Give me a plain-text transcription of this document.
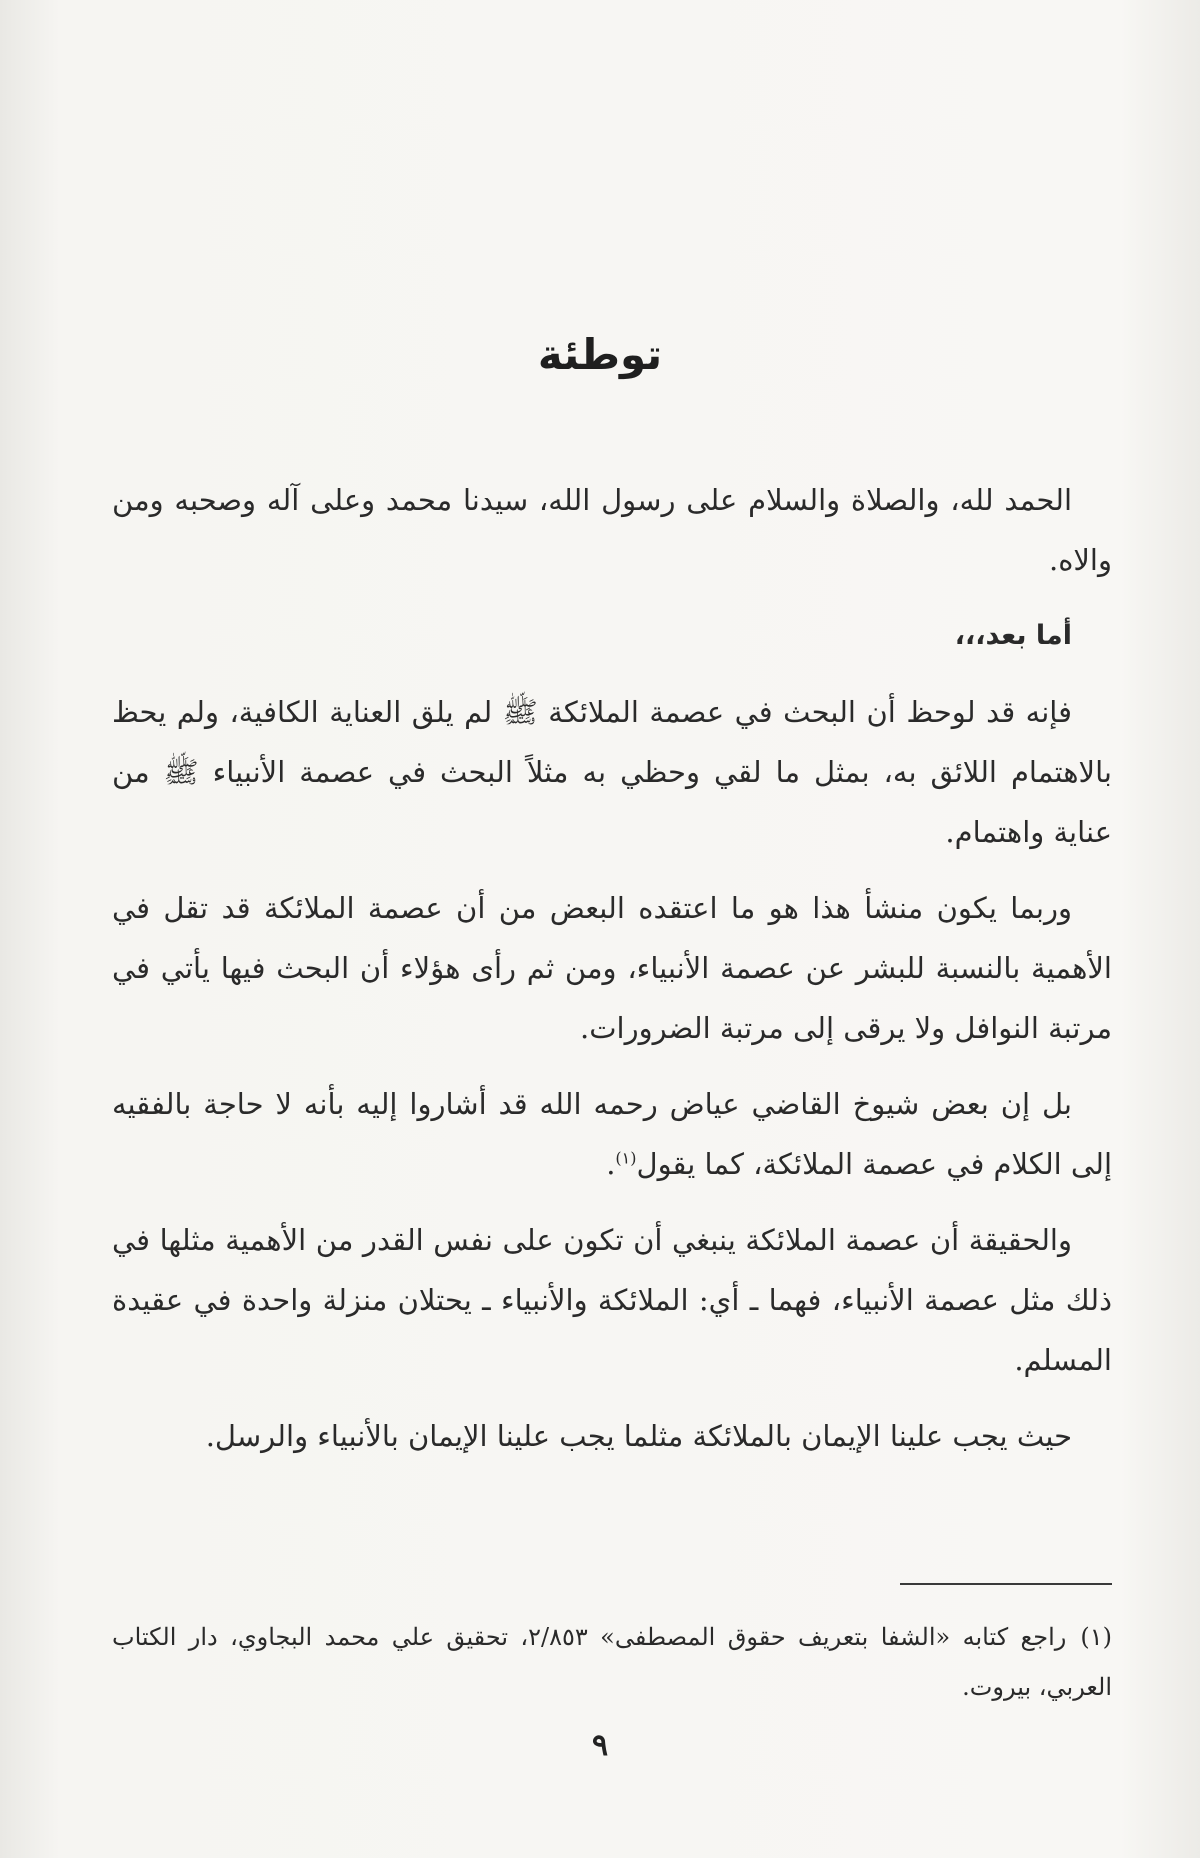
توطئة

الحمد لله، والصلاة والسلام على رسول الله، سيدنا محمد وعلى آله وصحبه ومن والاه.

أما بعد،،،

فإنه قد لوحظ أن البحث في عصمة الملائكة ﷺ لم يلق العناية الكافية، ولم يحظ بالاهتمام اللائق به، بمثل ما لقي وحظي به مثلاً البحث في عصمة الأنبياء ﷺ من عناية واهتمام.

وربما يكون منشأ هذا هو ما اعتقده البعض من أن عصمة الملائكة قد تقل في الأهمية بالنسبة للبشر عن عصمة الأنبياء، ومن ثم رأى هؤلاء أن البحث فيها يأتي في مرتبة النوافل ولا يرقى إلى مرتبة الضرورات.

بل إن بعض شيوخ القاضي عياض رحمه الله قد أشاروا إليه بأنه لا حاجة بالفقيه إلى الكلام في عصمة الملائكة، كما يقول$^{(١)}$.

والحقيقة أن عصمة الملائكة ينبغي أن تكون على نفس القدر من الأهمية مثلها في ذلك مثل عصمة الأنبياء، فهما ـ أي: الملائكة والأنبياء ـ يحتلان منزلة واحدة في عقيدة المسلم.

حيث يجب علينا الإيمان بالملائكة مثلما يجب علينا الإيمان بالأنبياء والرسل.

(١)راجع كتابه «الشفا بتعريف حقوق المصطفى» ٢/٨٥٣، تحقيق علي محمد البجاوي، دار الكتاب العربي، بيروت.

٩
